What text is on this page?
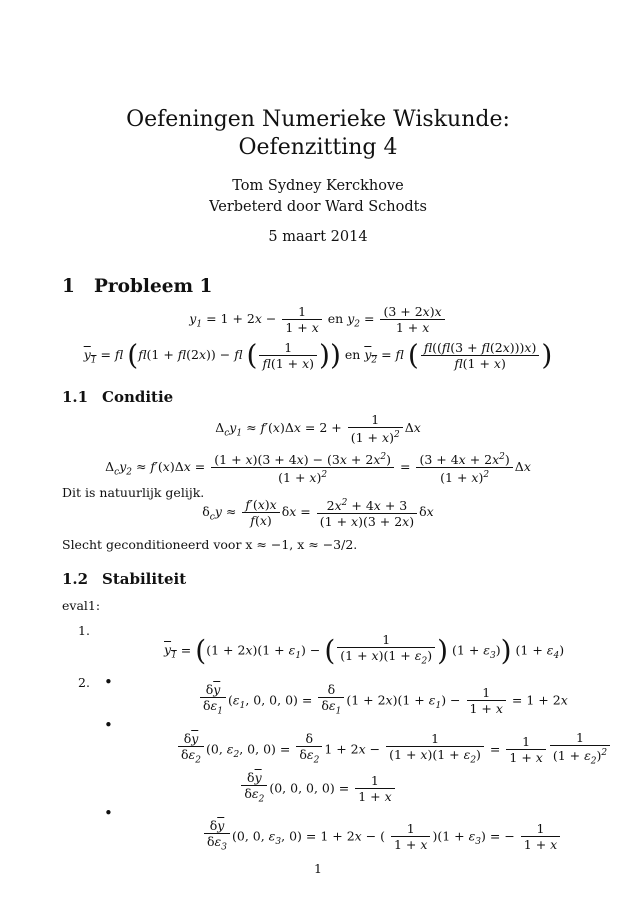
Oefeningen Numerieke Wiskunde:
Oefenzitting 4
Tom Sydney Kerckhove
Verbeterd door Ward Schodts
5 maart 2014
1 Probleem 1
$y_1 = 1 + 2x - \frac{1}{1 + x}$ en $y_2 = \frac{(3 + 2x)x}{1 + x}$
$y_1$ = fl (fl(1 + fl(2x)) − fl ( $\frac{1}{fl(1 + x)}$ )) en $y_2$ = fl ( $\frac{fl((fl(3 + fl(2x)))x)}{fl(1 + x)}$ )
1.1 Conditie
$\Delta_cy_1 \approx f'(x)\Delta x = 2 + \frac{1}{(1 + x)^2}$ Δx
$\Delta_cy_2 \approx f'(x)\Delta x = \frac{(1 + x)(3 + 4x) - (3x + 2x^2)}{(1 + x)^2} = \frac{(3 + 4x + 2x^2)}{(1 + x)^2}$ Δx
Dit is natuurlijk gelijk.
$\delta_cy \approx \frac{f'(x)x}{f(x)}$ $\delta x = \frac{2x^2 + 4x + 3}{(1 + x)(3 + 2x)}$ δx
Slecht geconditioneerd voor x ≈ −1, x ≈ −3/2.
1.2 Stabiliteit
eval1:
1.
$y_1 = ((1 + 2x)(1 + \varepsilon_1)$ − ( $\frac{1}{(1 + x)(1 + \varepsilon_2)}$ ) $(1 + \varepsilon_3)$) $(1 + \varepsilon_4)$
2. •	$\frac{\delta\overline{y}}{\delta\varepsilon_1} (\varepsilon_1$, 0, 0, $0) = \frac{\delta}{\delta\varepsilon_1} (1 + 2x)(1 + \varepsilon_1) - \frac{1}{1 + x} = 1 + 2x$
•
$\frac{\delta\overline{y}}{\delta\varepsilon_2} (0$, $\varepsilon_2$, 0, $0) = \frac{\delta}{\delta\varepsilon_2} 1 + 2x - \frac{1}{(1 + x)(1 + \varepsilon_2)} = \frac{1}{1 + x} \frac{1}{(1 + \varepsilon_2)^2}$
$\frac{\delta\overline{y}}{\delta\varepsilon_2} (0$, 0, 0, $0) = \frac{1}{1 + x}$
•
$\frac{\delta\overline{y}}{\delta\varepsilon_3} (0$, 0, $\varepsilon_3$, 0) = 1 + 2x − ( $\frac{1}{1 + x} )(1 + \varepsilon_3)$ = − $\frac{1}{1 + x}$
1
